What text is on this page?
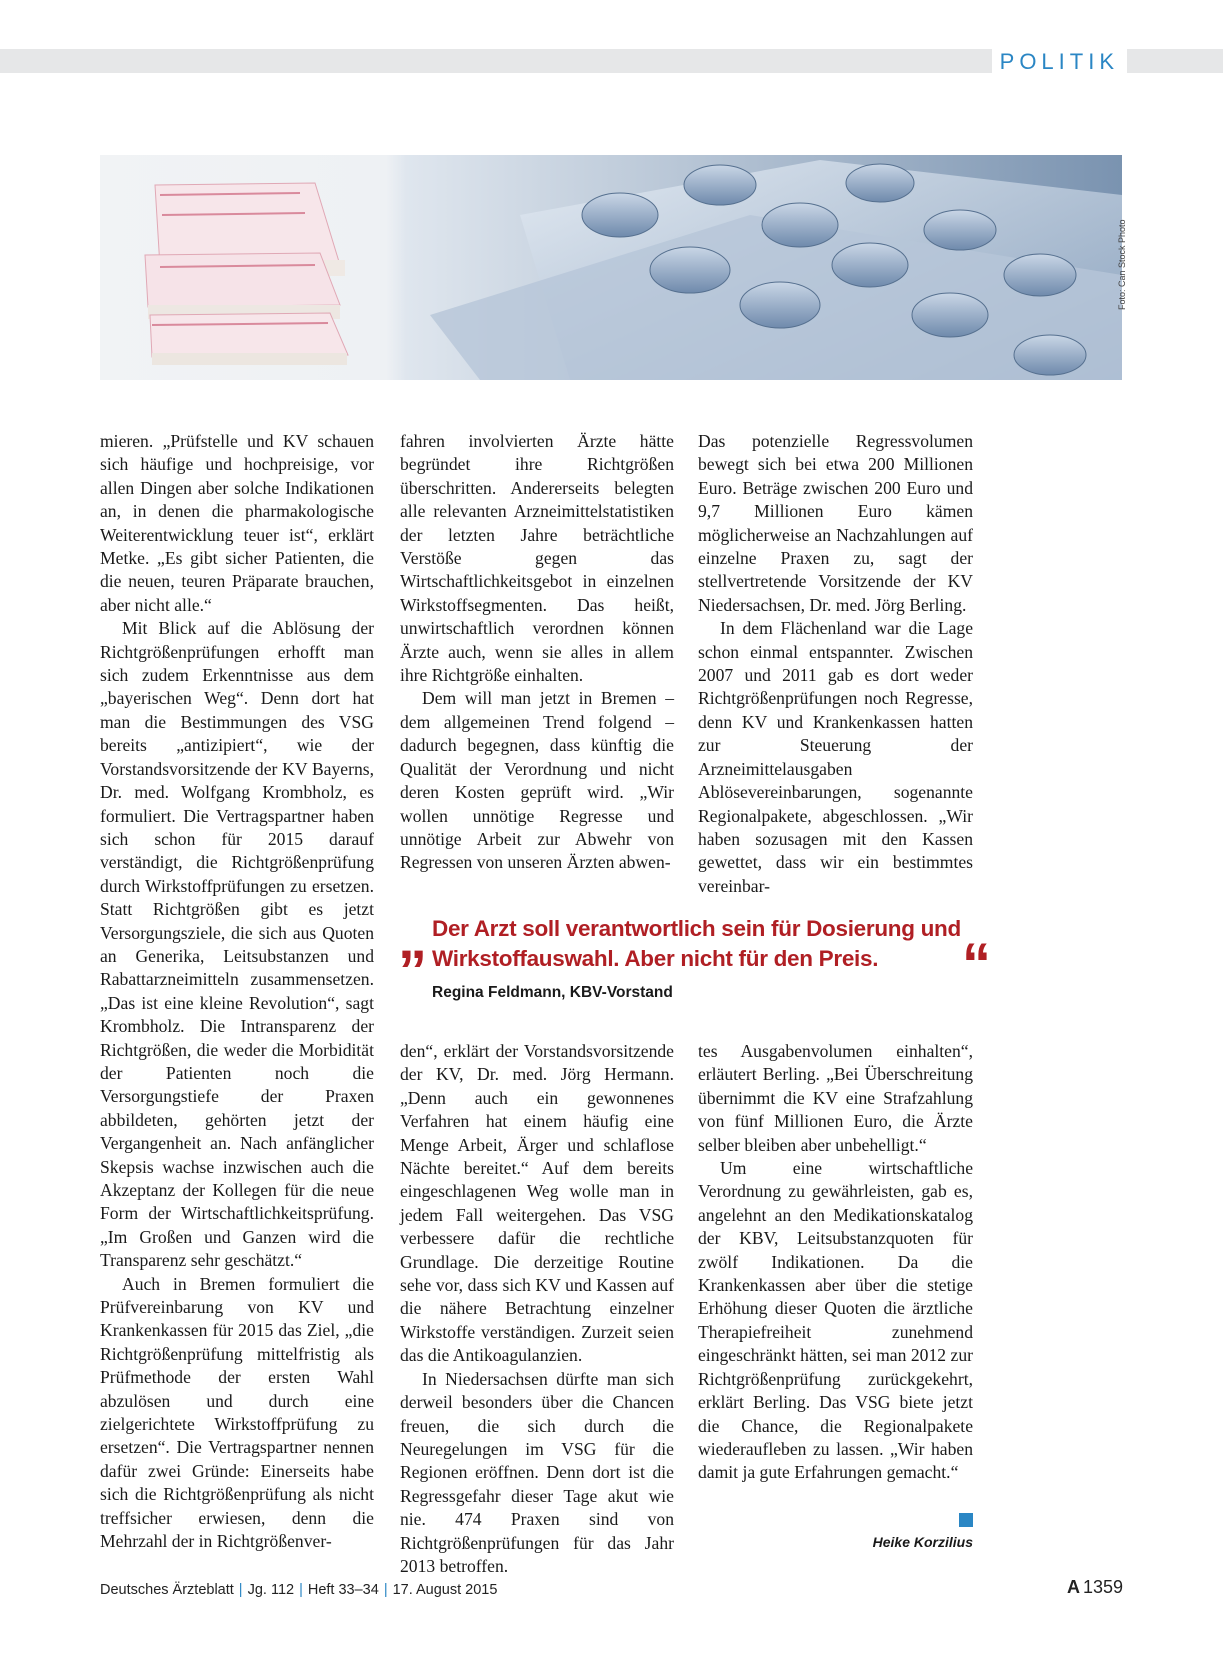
POLITIK
Foto: Can Stock Photo

mieren. „Prüfstelle und KV schauen sich häufige und hochpreisige, vor allen Dingen aber solche Indikationen an, in denen die pharmakologische Weiterentwicklung teuer ist“, erklärt Metke. „Es gibt sicher Patienten, die die neuen, teuren Präparate brauchen, aber nicht alle.“

Mit Blick auf die Ablösung der Richtgrößenprüfungen erhofft man sich zudem Erkenntnisse aus dem „bayerischen Weg“. Denn dort hat man die Bestimmungen des VSG bereits „antizipiert“, wie der Vorstandsvorsitzende der KV Bayerns, Dr. med. Wolfgang Krombholz, es formuliert. Die Vertragspartner haben sich schon für 2015 darauf verständigt, die Richtgrößenprüfung durch Wirkstoffprüfungen zu ersetzen. Statt Richtgrößen gibt es jetzt Versorgungsziele, die sich aus Quoten an Generika, Leitsubstanzen und Rabattarzneimitteln zusammensetzen. „Das ist eine kleine Revolution“, sagt Krombholz. Die Intransparenz der Richtgrößen, die weder die Morbidität der Patienten noch die Versorgungstiefe der Praxen abbildeten, gehörten jetzt der Vergangenheit an. Nach anfänglicher Skepsis wachse inzwischen auch die Akzeptanz der Kollegen für die neue Form der Wirtschaftlichkeitsprüfung. „Im Großen und Ganzen wird die Transparenz sehr geschätzt.“

Auch in Bremen formuliert die Prüfvereinbarung von KV und Krankenkassen für 2015 das Ziel, „die Richtgrößenprüfung mittelfristig als Prüfmethode der ersten Wahl abzulösen und durch eine zielgerichtete Wirkstoffprüfung zu ersetzen“. Die Vertragspartner nennen dafür zwei Gründe: Einerseits habe sich die Richtgrößenprüfung als nicht treffsicher erwiesen, denn die Mehrzahl der in Richtgrößenver-

fahren involvierten Ärzte hätte begründet ihre Richtgrößen überschritten. Andererseits belegten alle relevanten Arzneimittelstatistiken der letzten Jahre beträchtliche Verstöße gegen das Wirtschaftlichkeitsgebot in einzelnen Wirkstoffsegmenten. Das heißt, unwirtschaftlich verordnen können Ärzte auch, wenn sie alles in allem ihre Richtgröße einhalten.

Dem will man jetzt in Bremen – dem allgemeinen Trend folgend – dadurch begegnen, dass künftig die Qualität der Verordnung und nicht deren Kosten geprüft wird. „Wir wollen unnötige Regresse und unnötige Arbeit zur Abwehr von Regressen von unseren Ärzten abwen-

Das potenzielle Regressvolumen bewegt sich bei etwa 200 Millionen Euro. Beträge zwischen 200 Euro und 9,7 Millionen Euro kämen möglicherweise an Nachzahlungen auf einzelne Praxen zu, sagt der stellvertretende Vorsitzende der KV Niedersachsen, Dr. med. Jörg Berling.

In dem Flächenland war die Lage schon einmal entspannter. Zwischen 2007 und 2011 gab es dort weder Richtgrößenprüfungen noch Regresse, denn KV und Krankenkassen hatten zur Steuerung der Arzneimittelausgaben Ablösevereinbarungen, sogenannte Regionalpakete, abgeschlossen. „Wir haben sozusagen mit den Kassen gewettet, dass wir ein bestimmtes vereinbar-

„ Der Arzt soll verantwortlich sein für Dosierung und Wirkstoffauswahl. Aber nicht für den Preis.	“
Regina Feldmann, KBV-Vorstand

den“, erklärt der Vorstandsvorsitzende der KV, Dr. med. Jörg Hermann. „Denn auch ein gewonnenes Verfahren hat einem häufig eine Menge Arbeit, Ärger und schlaflose Nächte bereitet.“ Auf dem bereits eingeschlagenen Weg wolle man in jedem Fall weitergehen. Das VSG verbessere dafür die rechtliche Grundlage. Die derzeitige Routine sehe vor, dass sich KV und Kassen auf die nähere Betrachtung einzelner Wirkstoffe verständigen. Zurzeit seien das die Antikoagulanzien.

In Niedersachsen dürfte man sich derweil besonders über die Chancen freuen, die sich durch die Neuregelungen im VSG für die Regionen eröffnen. Denn dort ist die Regressgefahr dieser Tage akut wie nie. 474 Praxen sind von Richtgrößenprüfungen für das Jahr 2013 betroffen.

tes Ausgabenvolumen einhalten“, erläutert Berling. „Bei Überschreitung übernimmt die KV eine Strafzahlung von fünf Millionen Euro, die Ärzte selber bleiben aber unbehelligt.“

Um eine wirtschaftliche Verordnung zu gewährleisten, gab es, angelehnt an den Medikationskatalog der KBV, Leitsubstanzquoten für zwölf Indikationen. Da die Krankenkassen aber über die stetige Erhöhung dieser Quoten die ärztliche Therapiefreiheit zunehmend eingeschränkt hätten, sei man 2012 zur Richtgrößenprüfung zurückgekehrt, erklärt Berling. Das VSG biete jetzt die Chance, die Regionalpakete wiederaufleben zu lassen. „Wir haben damit ja gute Erfahrungen gemacht.“

Heike Korzilius
Deutsches Ärzteblatt | Jg. 112 | Heft 33–34 | 17. August 2015	A 1359
